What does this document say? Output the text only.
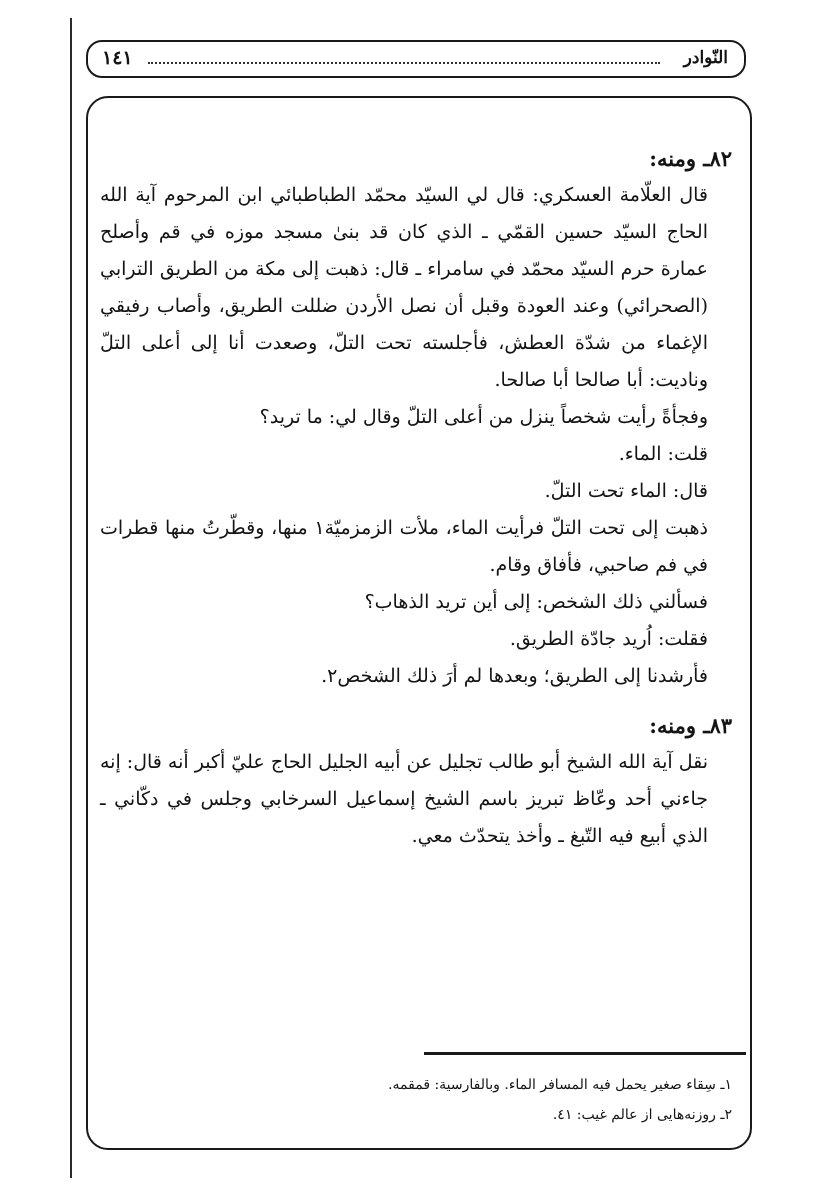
النّوادر
١٤١

٨٢ـ ومنه:

قال العلّامة العسكري: قال لي السيّد محمّد الطباطبائي ابن المرحوم آية الله الحاج السيّد حسين القمّي ـ الذي كان قد بنىٰ مسجد موزه في قم وأصلح عمارة حرم السيّد محمّد في سامراء ـ قال: ذهبت إلى مكة من الطريق الترابي (الصحرائي) وعند العودة وقبل أن نصل الأردن ضللت الطريق، وأصاب رفيقي الإغماء من شدّة العطش، فأجلسته تحت التلّ، وصعدت أنا إلى أعلى التلّ وناديت: أبا صالحا أبا صالحا.

وفجأةً رأيت شخصاً ينزل من أعلى التلّ وقال لي: ما تريد؟

قلت: الماء.

قال: الماء تحت التلّ.

ذهبت إلى تحت التلّ فرأيت الماء، ملأت الزمزميّة١ منها، وقطّرتُ منها قطرات في فم صاحبي، فأفاق وقام.

فسألني ذلك الشخص: إلى أين تريد الذهاب؟

فقلت: اُريد جادّة الطريق.

فأرشدنا إلى الطريق؛ وبعدها لم أرَ ذلك الشخص٢.

٨٣ـ ومنه:

نقل آية الله الشيخ أبو طالب تجليل عن أبيه الجليل الحاج عليّ أكبر أنه قال: إنه جاءني أحد وعّاظ تبريز باسم الشيخ إسماعيل السرخابي وجلس في دكّاني ـ الذي أبيع فيه التّبغ ـ وأخذ يتحدّث معي.

١ـ سِقاء صغير يحمل فيه المسافر الماء. وبالفارسية: قمقمه.

٢ـ روزنه‌هايى از عالم غيب: ٤١.
